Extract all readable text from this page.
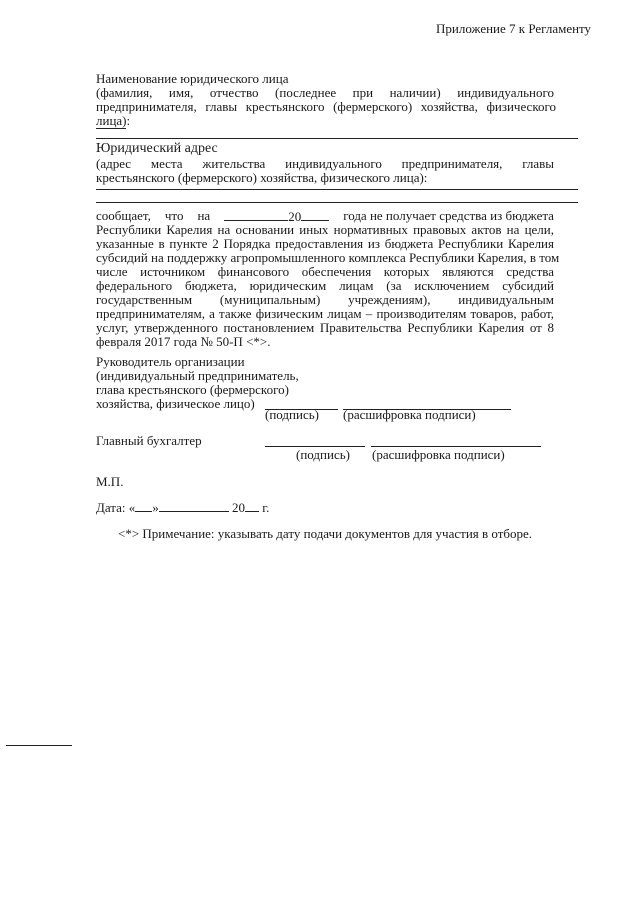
Приложение 7 к Регламенту
Наименование юридического лица
(фамилия, имя, отчество (последнее при наличии) индивидуального
предпринимателя, главы крестьянского (фермерского) хозяйства, физического
лица):
Юридический адрес
(адрес места жительства индивидуального предпринимателя, главы
крестьянского (фермерского) хозяйства, физического лица):
сообщает, что на	20	года не получает средства из бюджета
Республики Карелия на основании иных нормативных правовых актов на цели,
указанные в пункте 2 Порядка предоставления из бюджета Республики Карелия
субсидий на поддержку агропромышленного комплекса Республики Карелия, в том
числе источником финансового обеспечения которых являются средства
федерального бюджета, юридическим лицам (за исключением субсидий
государственным (муниципальным) учреждениям), индивидуальным
предпринимателям, а также физическим лицам – производителям товаров, работ,
услуг, утвержденного постановлением Правительства Республики Карелия от 8
февраля 2017 года № 50-П <*>.
Руководитель организации
(индивидуальный предприниматель,
глава крестьянского (фермерского)
хозяйства, физическое лицо)
(подпись) (расшифровка подписи)
Главный бухгалтер
(подпись) (расшифровка подписи)
М.П.
Дата: « »	20 г.
<*> Примечание: указывать дату подачи документов для участия в отборе.
